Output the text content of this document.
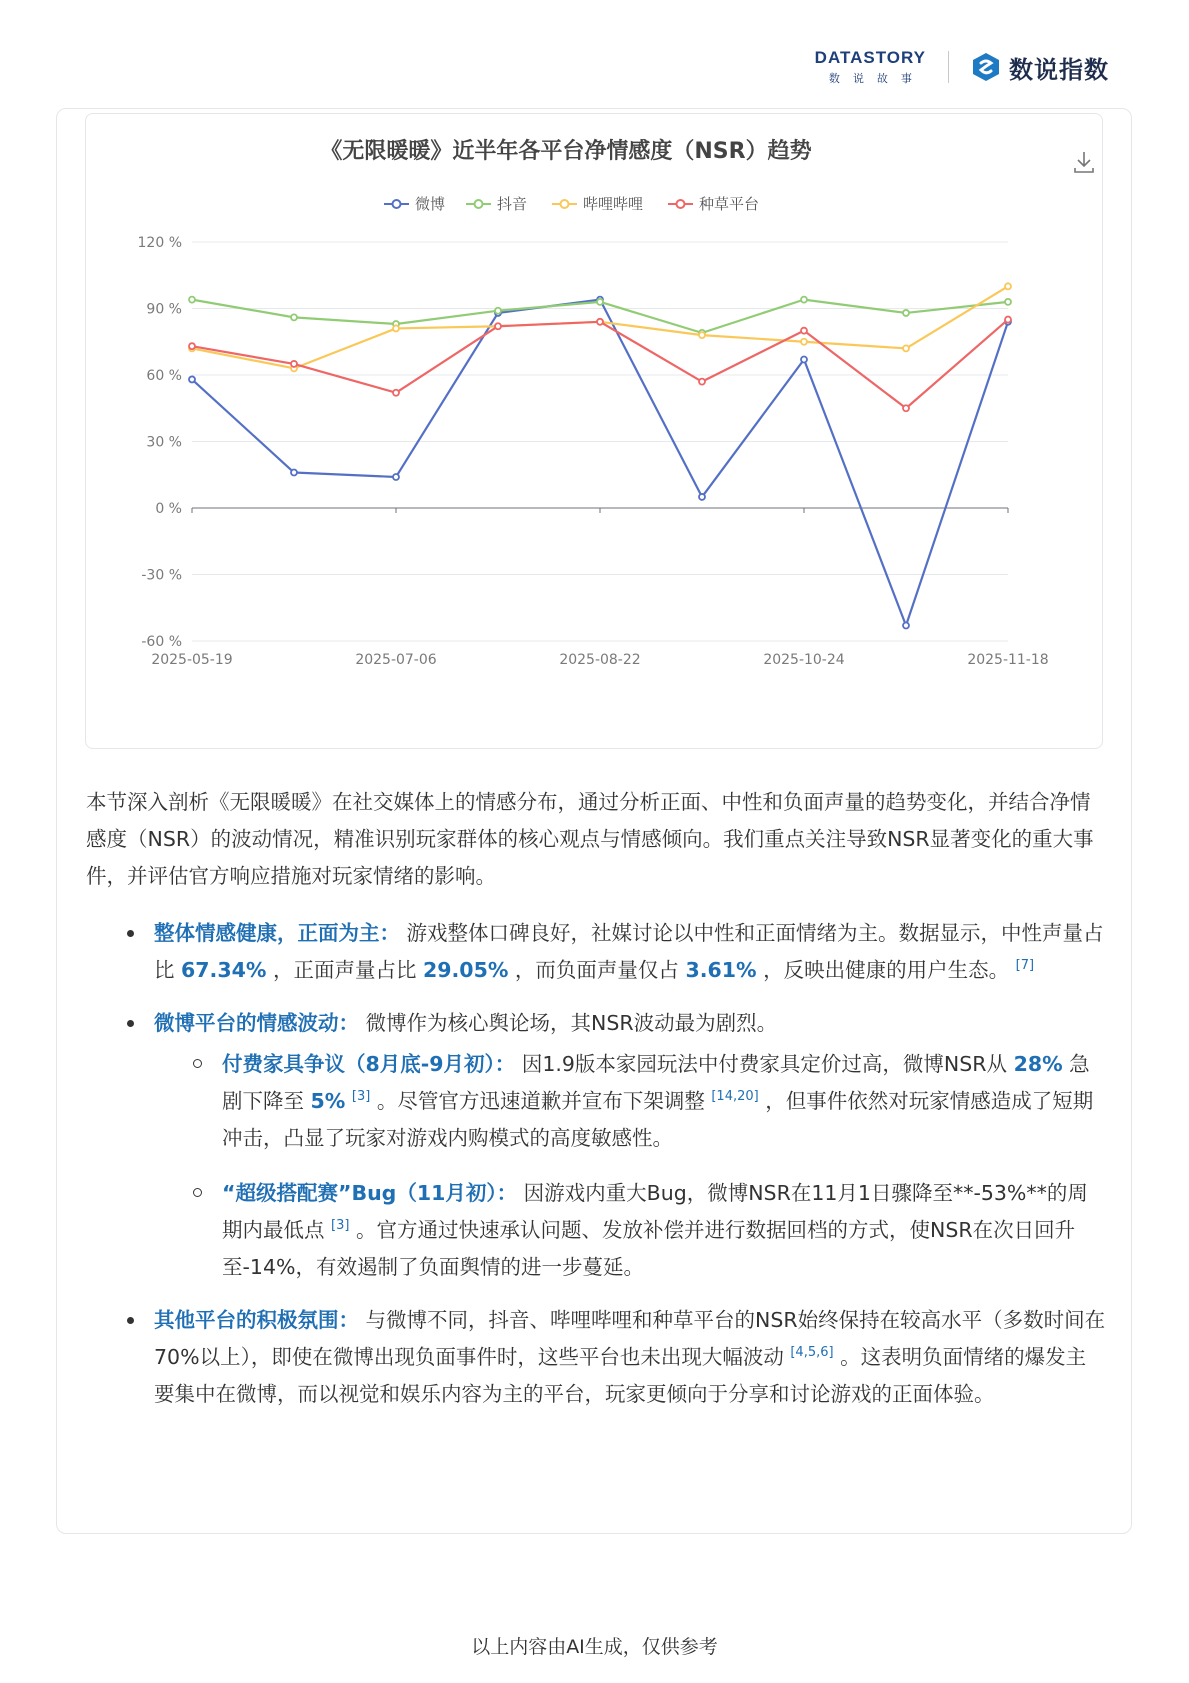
DATASTORY
数说故事	数说指数
《无限暖暖》近半年各平台净情感度（NSR）趋势
微博	抖音	哔哩哔哩	种草平台
-60 %
-30 %
0 %
30 %
60 %
90 %
120 %
2025-05-19	2025-07-06	2025-08-22	2025-10-24	2025-11-18

本节深入剖析《无限暖暖》在社交媒体上的情感分布，通过分析正面、中性和负面声量的趋势变化，并结合净情感度（NSR）的波动情况，精准识别玩家群体的核心观点与情感倾向。我们重点关注导致NSR显著变化的重大事件，并评估官方响应措施对玩家情绪的影响。

整体情感健康，正面为主： 游戏整体口碑良好，社媒讨论以中性和正面情绪为主。数据显示，中性声量占比 67.34% ，正面声量占比 29.05% ，而负面声量仅占 3.61% ，反映出健康的用户生态。 [7]

微博平台的情感波动： 微博作为核心舆论场，其NSR波动最为剧烈。

付费家具争议（8月底-9月初）： 因1.9版本家园玩法中付费家具定价过高，微博NSR从 28% 急剧下降至 5% [3] 。尽管官方迅速道歉并宣布下架调整 [14,20] ，但事件依然对玩家情感造成了短期冲击，凸显了玩家对游戏内购模式的高度敏感性。

“超级搭配赛”Bug（11月初）： 因游戏内重大Bug，微博NSR在11月1日骤降至**-53%**的周期内最低点 [3] 。官方通过快速承认问题、发放补偿并进行数据回档的方式，使NSR在次日回升至-14%，有效遏制了负面舆情的进一步蔓延。

其他平台的积极氛围： 与微博不同，抖音、哔哩哔哩和种草平台的NSR始终保持在较高水平（多数时间在70%以上），即使在微博出现负面事件时，这些平台也未出现大幅波动 [4,5,6] 。这表明负面情绪的爆发主要集中在微博，而以视觉和娱乐内容为主的平台，玩家更倾向于分享和讨论游戏的正面体验。

以上内容由AI生成，仅供参考
